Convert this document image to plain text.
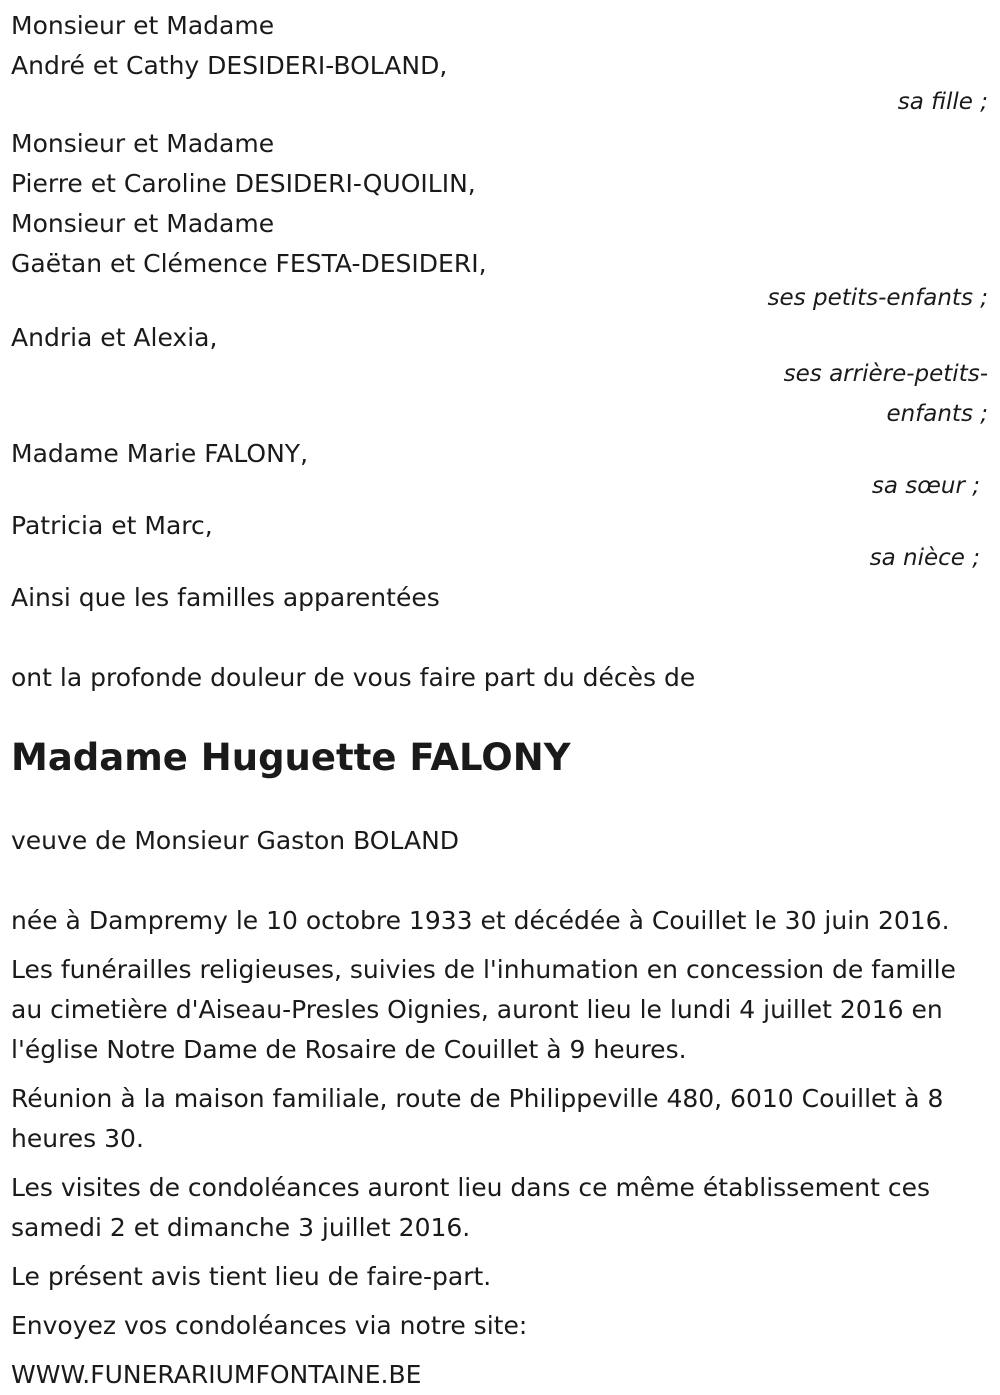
Monsieur et Madame
André et Cathy DESIDERI-BOLAND,
sa fille ;
Monsieur et Madame
Pierre et Caroline DESIDERI-QUOILIN,
Monsieur et Madame
Gaëtan et Clémence FESTA-DESIDERI,
ses petits-enfants ;
Andria et Alexia,
ses arrière-petits-enfants ;
Madame Marie FALONY,
sa sœur ;
Patricia et Marc,
sa nièce ;
Ainsi que les familles apparentées
ont la profonde douleur de vous faire part du décès de
Madame Huguette FALONY
veuve de Monsieur Gaston BOLAND
née à Dampremy le 10 octobre 1933 et décédée à Couillet le 30 juin 2016.
Les funérailles religieuses, suivies de l'inhumation en concession de famille au cimetière d'Aiseau-Presles Oignies, auront lieu le lundi 4 juillet 2016 en l'église Notre Dame de Rosaire de Couillet à 9 heures.
Réunion à la maison familiale, route de Philippeville 480, 6010 Couillet à 8 heures 30.
Les visites de condoléances auront lieu dans ce même établissement ces samedi 2 et dimanche 3 juillet 2016.
Le présent avis tient lieu de faire-part.
Envoyez vos condoléances via notre site:
WWW.FUNERARIUMFONTAINE.BE
